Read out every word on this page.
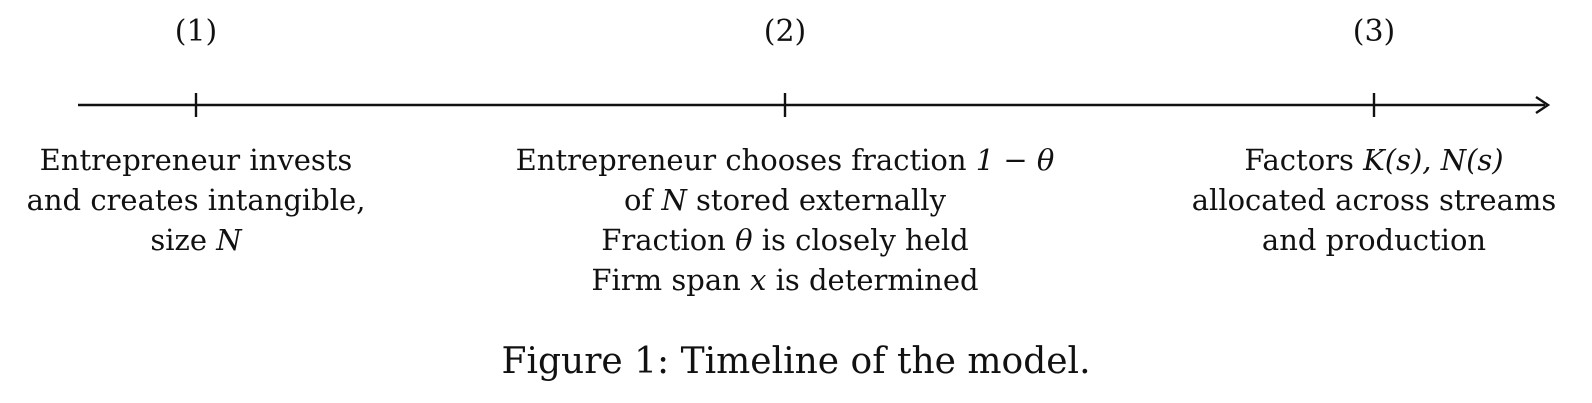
(1)	(2)	(3)
Entrepreneur invests
and creates intangible,
size N
Entrepreneur chooses fraction 1 − θ
of N stored externally
Fraction θ is closely held
Firm span x is determined
Factors K(s), N(s)
allocated across streams
and production
Figure 1: Timeline of the model.
